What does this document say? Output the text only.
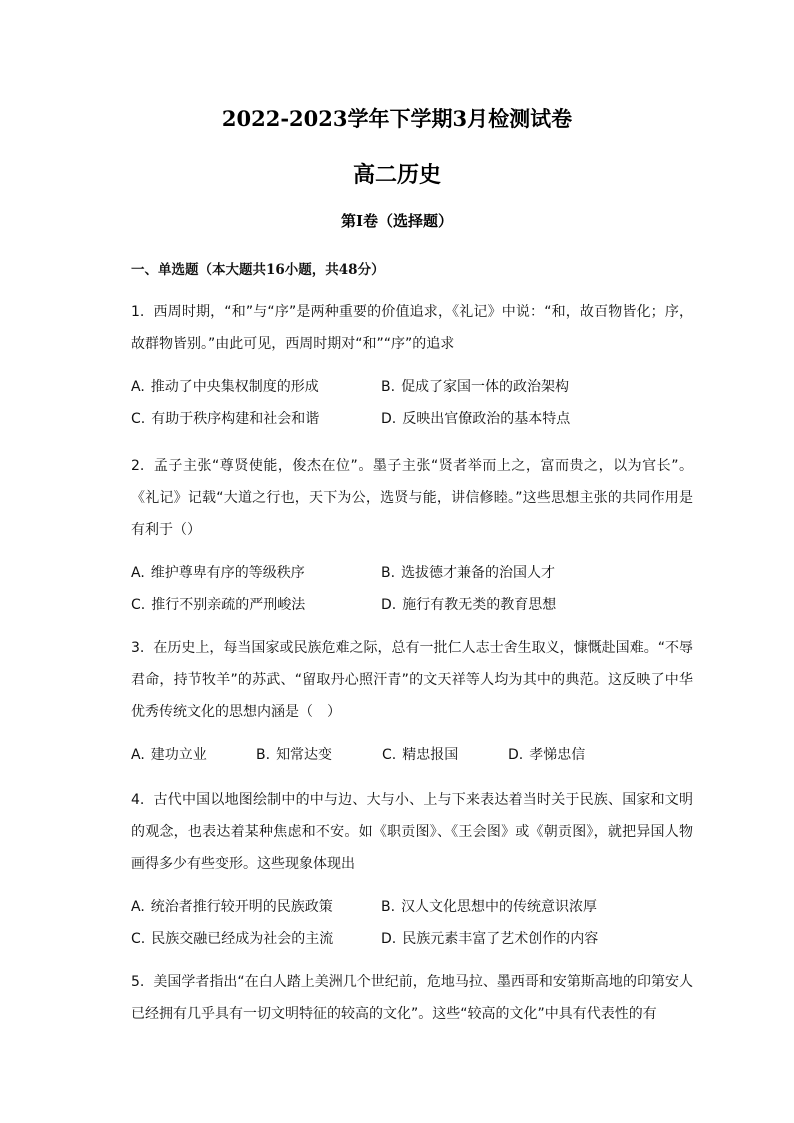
2022-2023学年下学期3月检测试卷
高二历史
第I卷（选择题）
一、单选题（本大题共16小题，共48分）

1. 西周时期，“和”与“序”是两种重要的价值追求，《礼记》中说：“和，故百物皆化；序，故群物皆别。”由此可见，西周时期对“和”“序”的追求

A. 推动了中央集权制度的形成	B. 促成了家国一体的政治架构
C. 有助于秩序构建和社会和谐	D. 反映出官僚政治的基本特点

2. 孟子主张“尊贤使能，俊杰在位”。墨子主张“贤者举而上之，富而贵之，以为官长”。《礼记》记载“大道之行也，天下为公，选贤与能，讲信修睦。”这些思想主张的共同作用是有利于（）

A. 维护尊卑有序的等级秩序	B. 选拔德才兼备的治国人才
C. 推行不别亲疏的严刑峻法	D. 施行有教无类的教育思想

3. 在历史上，每当国家或民族危难之际，总有一批仁人志士舍生取义，慷慨赴国难。“不辱君命，持节牧羊”的苏武、“留取丹心照汗青”的文天祥等人均为其中的典范。这反映了中华优秀传统文化的思想内涵是（　）

A. 建功立业	B. 知常达变	C. 精忠报国	D. 孝悌忠信

4. 古代中国以地图绘制中的中与边、大与小、上与下来表达着当时关于民族、国家和文明的观念，也表达着某种焦虑和不安。如《职贡图》、《王会图》或《朝贡图》，就把异国人物画得多少有些变形。这些现象体现出

A. 统治者推行较开明的民族政策	B. 汉人文化思想中的传统意识浓厚
C. 民族交融已经成为社会的主流	D. 民族元素丰富了艺术创作的内容

5. 美国学者指出“在白人踏上美洲几个世纪前，危地马拉、墨西哥和安第斯高地的印第安人已经拥有几乎具有一切文明特征的较高的文化”。这些“较高的文化”中具有代表性的有
